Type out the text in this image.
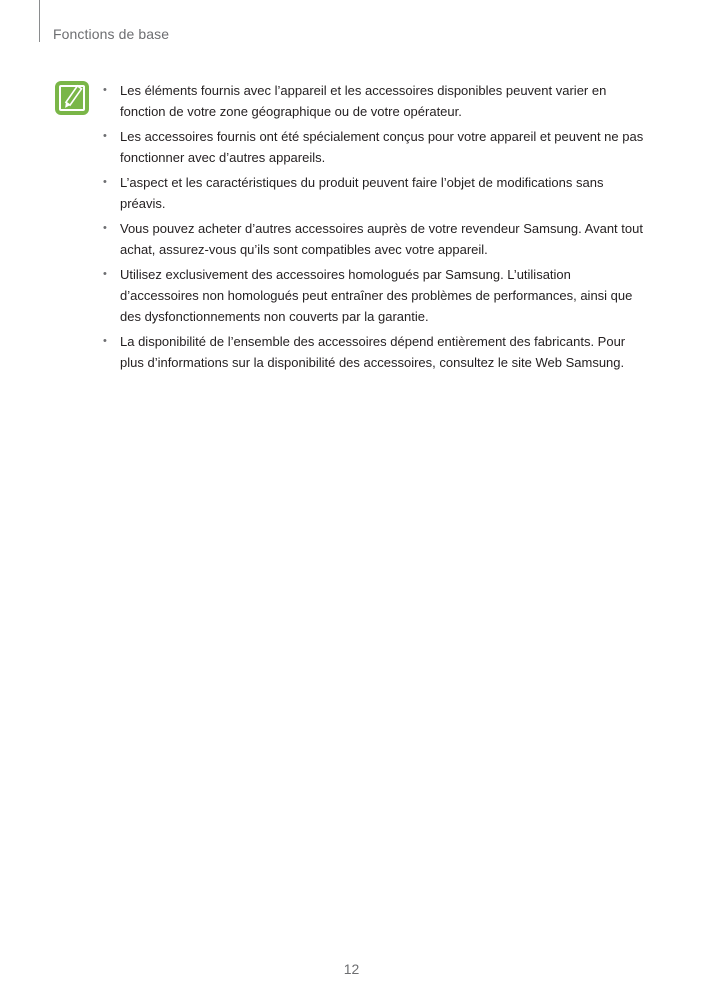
Fonctions de base
• Les éléments fournis avec l’appareil et les accessoires disponibles peuvent varier en fonction de votre zone géographique ou de votre opérateur.
• Les accessoires fournis ont été spécialement conçus pour votre appareil et peuvent ne pas fonctionner avec d’autres appareils.
• L’aspect et les caractéristiques du produit peuvent faire l’objet de modifications sans préavis.
• Vous pouvez acheter d’autres accessoires auprès de votre revendeur Samsung. Avant tout achat, assurez-vous qu’ils sont compatibles avec votre appareil.
• Utilisez exclusivement des accessoires homologués par Samsung. L’utilisation d’accessoires non homologués peut entraîner des problèmes de performances, ainsi que des dysfonctionnements non couverts par la garantie.
• La disponibilité de l’ensemble des accessoires dépend entièrement des fabricants. Pour plus d’informations sur la disponibilité des accessoires, consultez le site Web Samsung.
12
